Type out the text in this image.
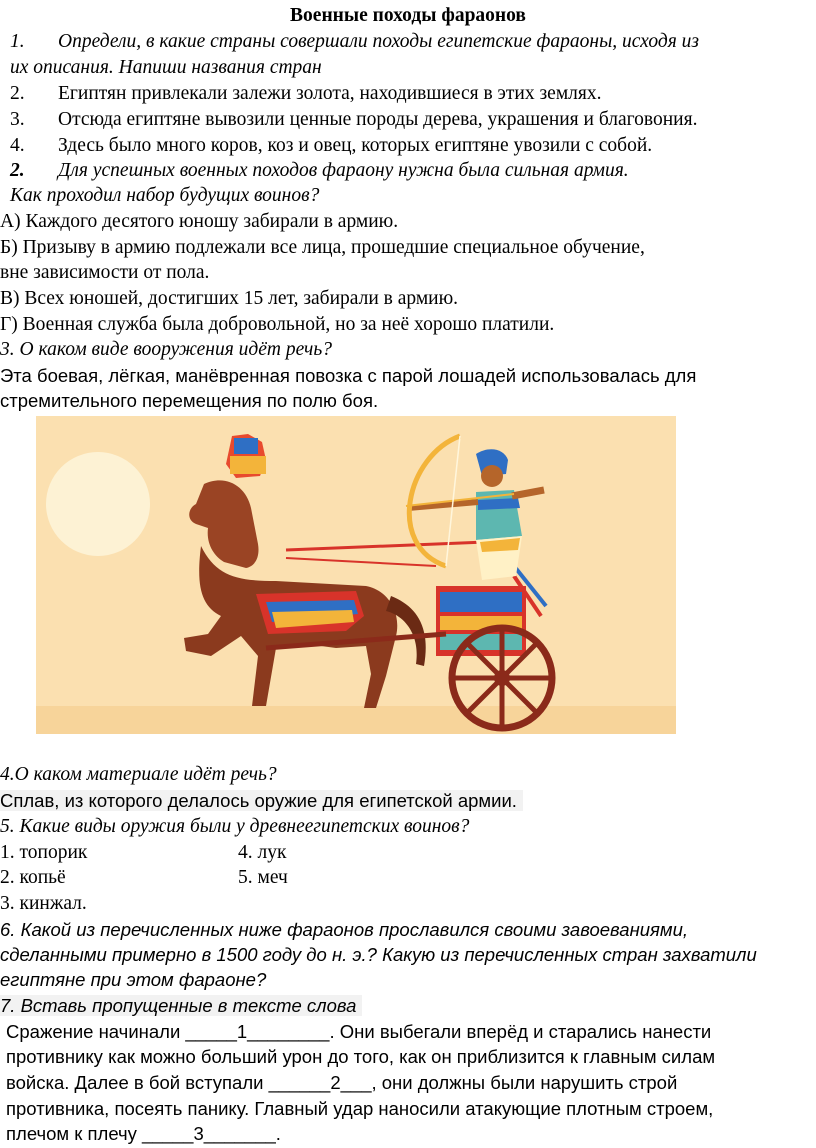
Военные походы фараонов
1. Определи, в какие страны совершали походы египетские фараоны, исходя из
их описания. Напиши названия стран
2. Египтян привлекали залежи золота, находившиеся в этих землях.
3. Отсюда египтяне вывозили ценные породы дерева, украшения и благовония.
4. Здесь было много коров, коз и овец, которых египтяне увозили с собой.
2. Для успешных военных походов фараону нужна была сильная армия.
Как проходил набор будущих воинов?
А) Каждого десятого юношу забирали в армию.
Б) Призыву в армию подлежали все лица, прошедшие специальное обучение,
вне зависимости от пола.
В) Всех юношей, достигших 15 лет, забирали в армию.
Г) Военная служба была добровольной, но за неё хорошо платили.
3. О каком виде вооружения идёт речь?
Эта боевая, лёгкая, манёвренная повозка с парой лошадей использовалась для
стремительного перемещения по полю боя.
4.О каком материале идёт речь?
Сплав, из которого делалось оружие для египетской армии.
5. Какие виды оружия были у древнеегипетских воинов?
1. топорик
2. копьё
3. кинжал.
4. лук
5. меч
6. Какой из перечисленных ниже фараонов прославился своими завоеваниями,
сделанными примерно в 1500 году до н. э.? Какую из перечисленных стран захватили
египтяне при этом фараоне?
7. Вставь пропущенные в тексте слова
Сражение начинали _____1________. Они выбегали вперёд и старались нанести
противнику как можно больший урон до того, как он приблизится к главным силам
войска. Далее в бой вступали ______2___, они должны были нарушить строй
противника, посеять панику. Главный удар наносили атакующие плотным строем,
плечом к плечу _____3_______.
